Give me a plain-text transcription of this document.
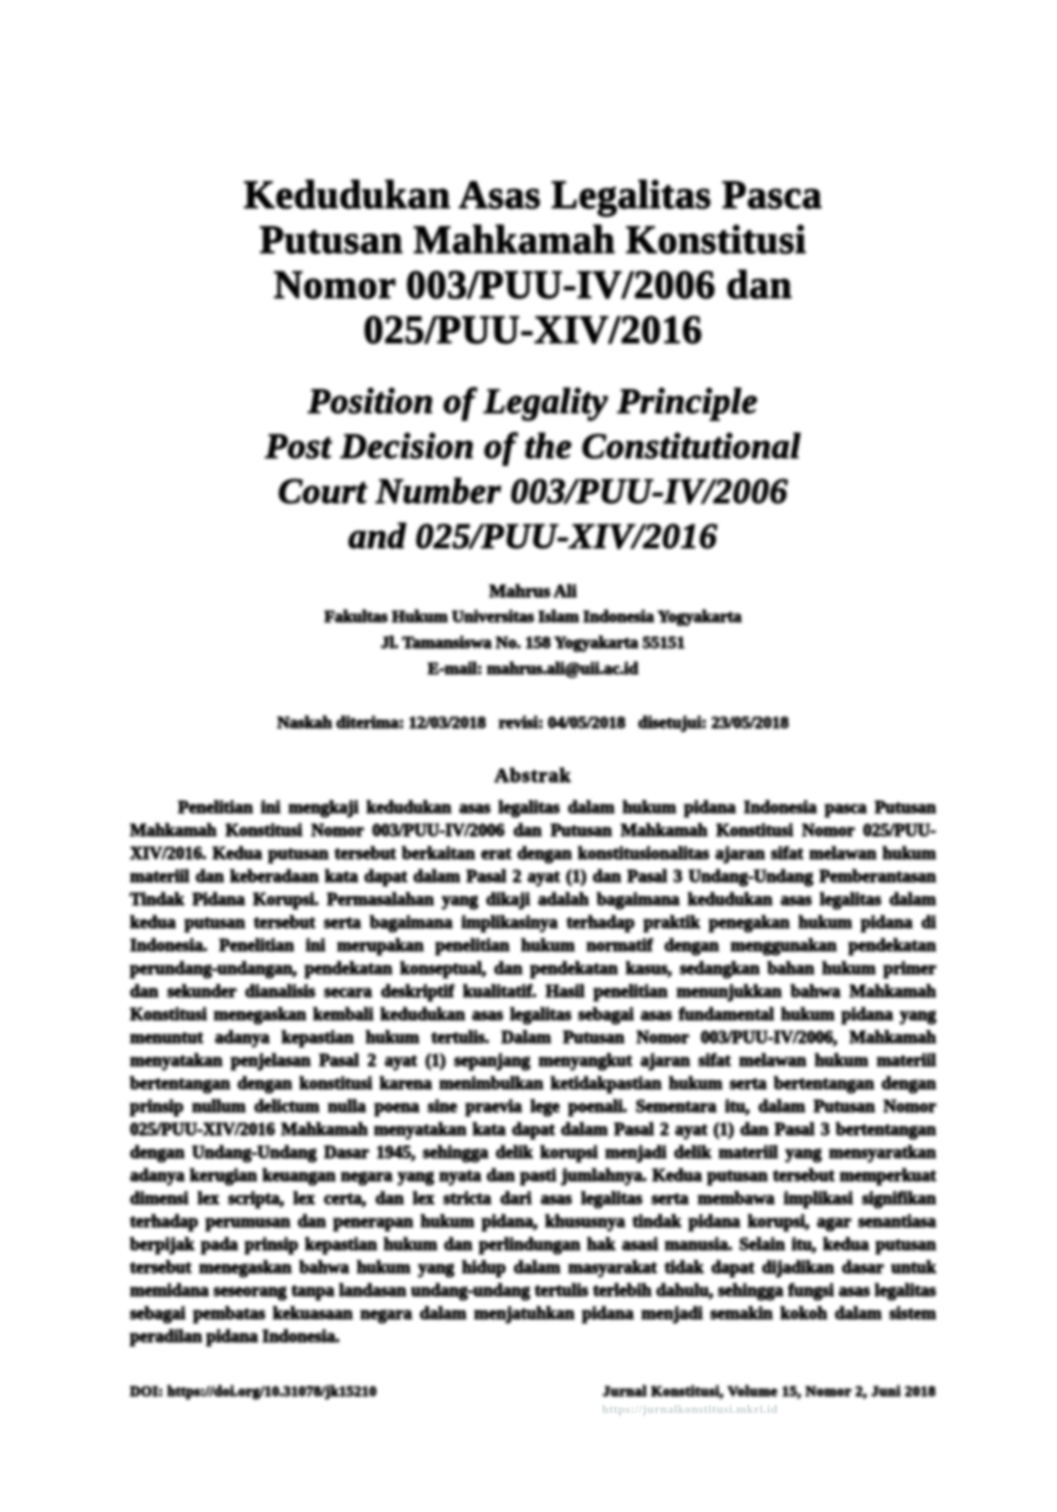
Kedudukan Asas Legalitas Pasca
Putusan Mahkamah Konstitusi
Nomor 003/PUU-IV/2006 dan
025/PUU-XIV/2016
Position of Legality Principle
Post Decision of the Constitutional
Court Number 003/PUU-IV/2006
and 025/PUU-XIV/2016
Mahrus Ali
Fakultas Hukum Universitas Islam Indonesia Yogyakarta
Jl. Tamansiswa No. 158 Yogyakarta 55151
E-mail: mahrus.ali@uii.ac.id
Naskah diterima: 12/03/2018   revisi: 04/05/2018   disetujui: 23/05/2018
Abstrak

Penelitian ini mengkaji kedudukan asas legalitas dalam hukum pidana Indonesia pasca Putusan Mahkamah Konstitusi Nomor 003/PUU-IV/2006 dan Putusan Mahkamah Konstitusi Nomor 025/PUU-XIV/2016. Kedua putusan tersebut berkaitan erat dengan konstitusionalitas ajaran sifat melawan hukum materiil dan keberadaan kata dapat dalam Pasal 2 ayat (1) dan Pasal 3 Undang-Undang Pemberantasan Tindak Pidana Korupsi. Permasalahan yang dikaji adalah bagaimana kedudukan asas legalitas dalam kedua putusan tersebut serta bagaimana implikasinya terhadap praktik penegakan hukum pidana di Indonesia. Penelitian ini merupakan penelitian hukum normatif dengan menggunakan pendekatan perundang-undangan, pendekatan konseptual, dan pendekatan kasus, sedangkan bahan hukum primer dan sekunder dianalisis secara deskriptif kualitatif. Hasil penelitian menunjukkan bahwa Mahkamah Konstitusi menegaskan kembali kedudukan asas legalitas sebagai asas fundamental hukum pidana yang menuntut adanya kepastian hukum tertulis. Dalam Putusan Nomor 003/PUU-IV/2006, Mahkamah menyatakan penjelasan Pasal 2 ayat (1) sepanjang menyangkut ajaran sifat melawan hukum materiil bertentangan dengan konstitusi karena menimbulkan ketidakpastian hukum serta bertentangan dengan prinsip nullum delictum nulla poena sine praevia lege poenali. Sementara itu, dalam Putusan Nomor 025/PUU-XIV/2016 Mahkamah menyatakan kata dapat dalam Pasal 2 ayat (1) dan Pasal 3 bertentangan dengan Undang-Undang Dasar 1945, sehingga delik korupsi menjadi delik materiil yang mensyaratkan adanya kerugian keuangan negara yang nyata dan pasti jumlahnya. Kedua putusan tersebut memperkuat dimensi lex scripta, lex certa, dan lex stricta dari asas legalitas serta membawa implikasi signifikan terhadap perumusan dan penerapan hukum pidana, khususnya tindak pidana korupsi, agar senantiasa berpijak pada prinsip kepastian hukum dan perlindungan hak asasi manusia. Selain itu, kedua putusan tersebut menegaskan bahwa hukum yang hidup dalam masyarakat tidak dapat dijadikan dasar untuk memidana seseorang tanpa landasan undang-undang tertulis terlebih dahulu, sehingga fungsi asas legalitas sebagai pembatas kekuasaan negara dalam menjatuhkan pidana menjadi semakin kokoh dalam sistem peradilan pidana Indonesia.

DOI: https://doi.org/10.31078/jk15210	Jurnal Konstitusi, Volume 15, Nomor 2, Juni 2018
https://jurnalkonstitusi.mkri.id
